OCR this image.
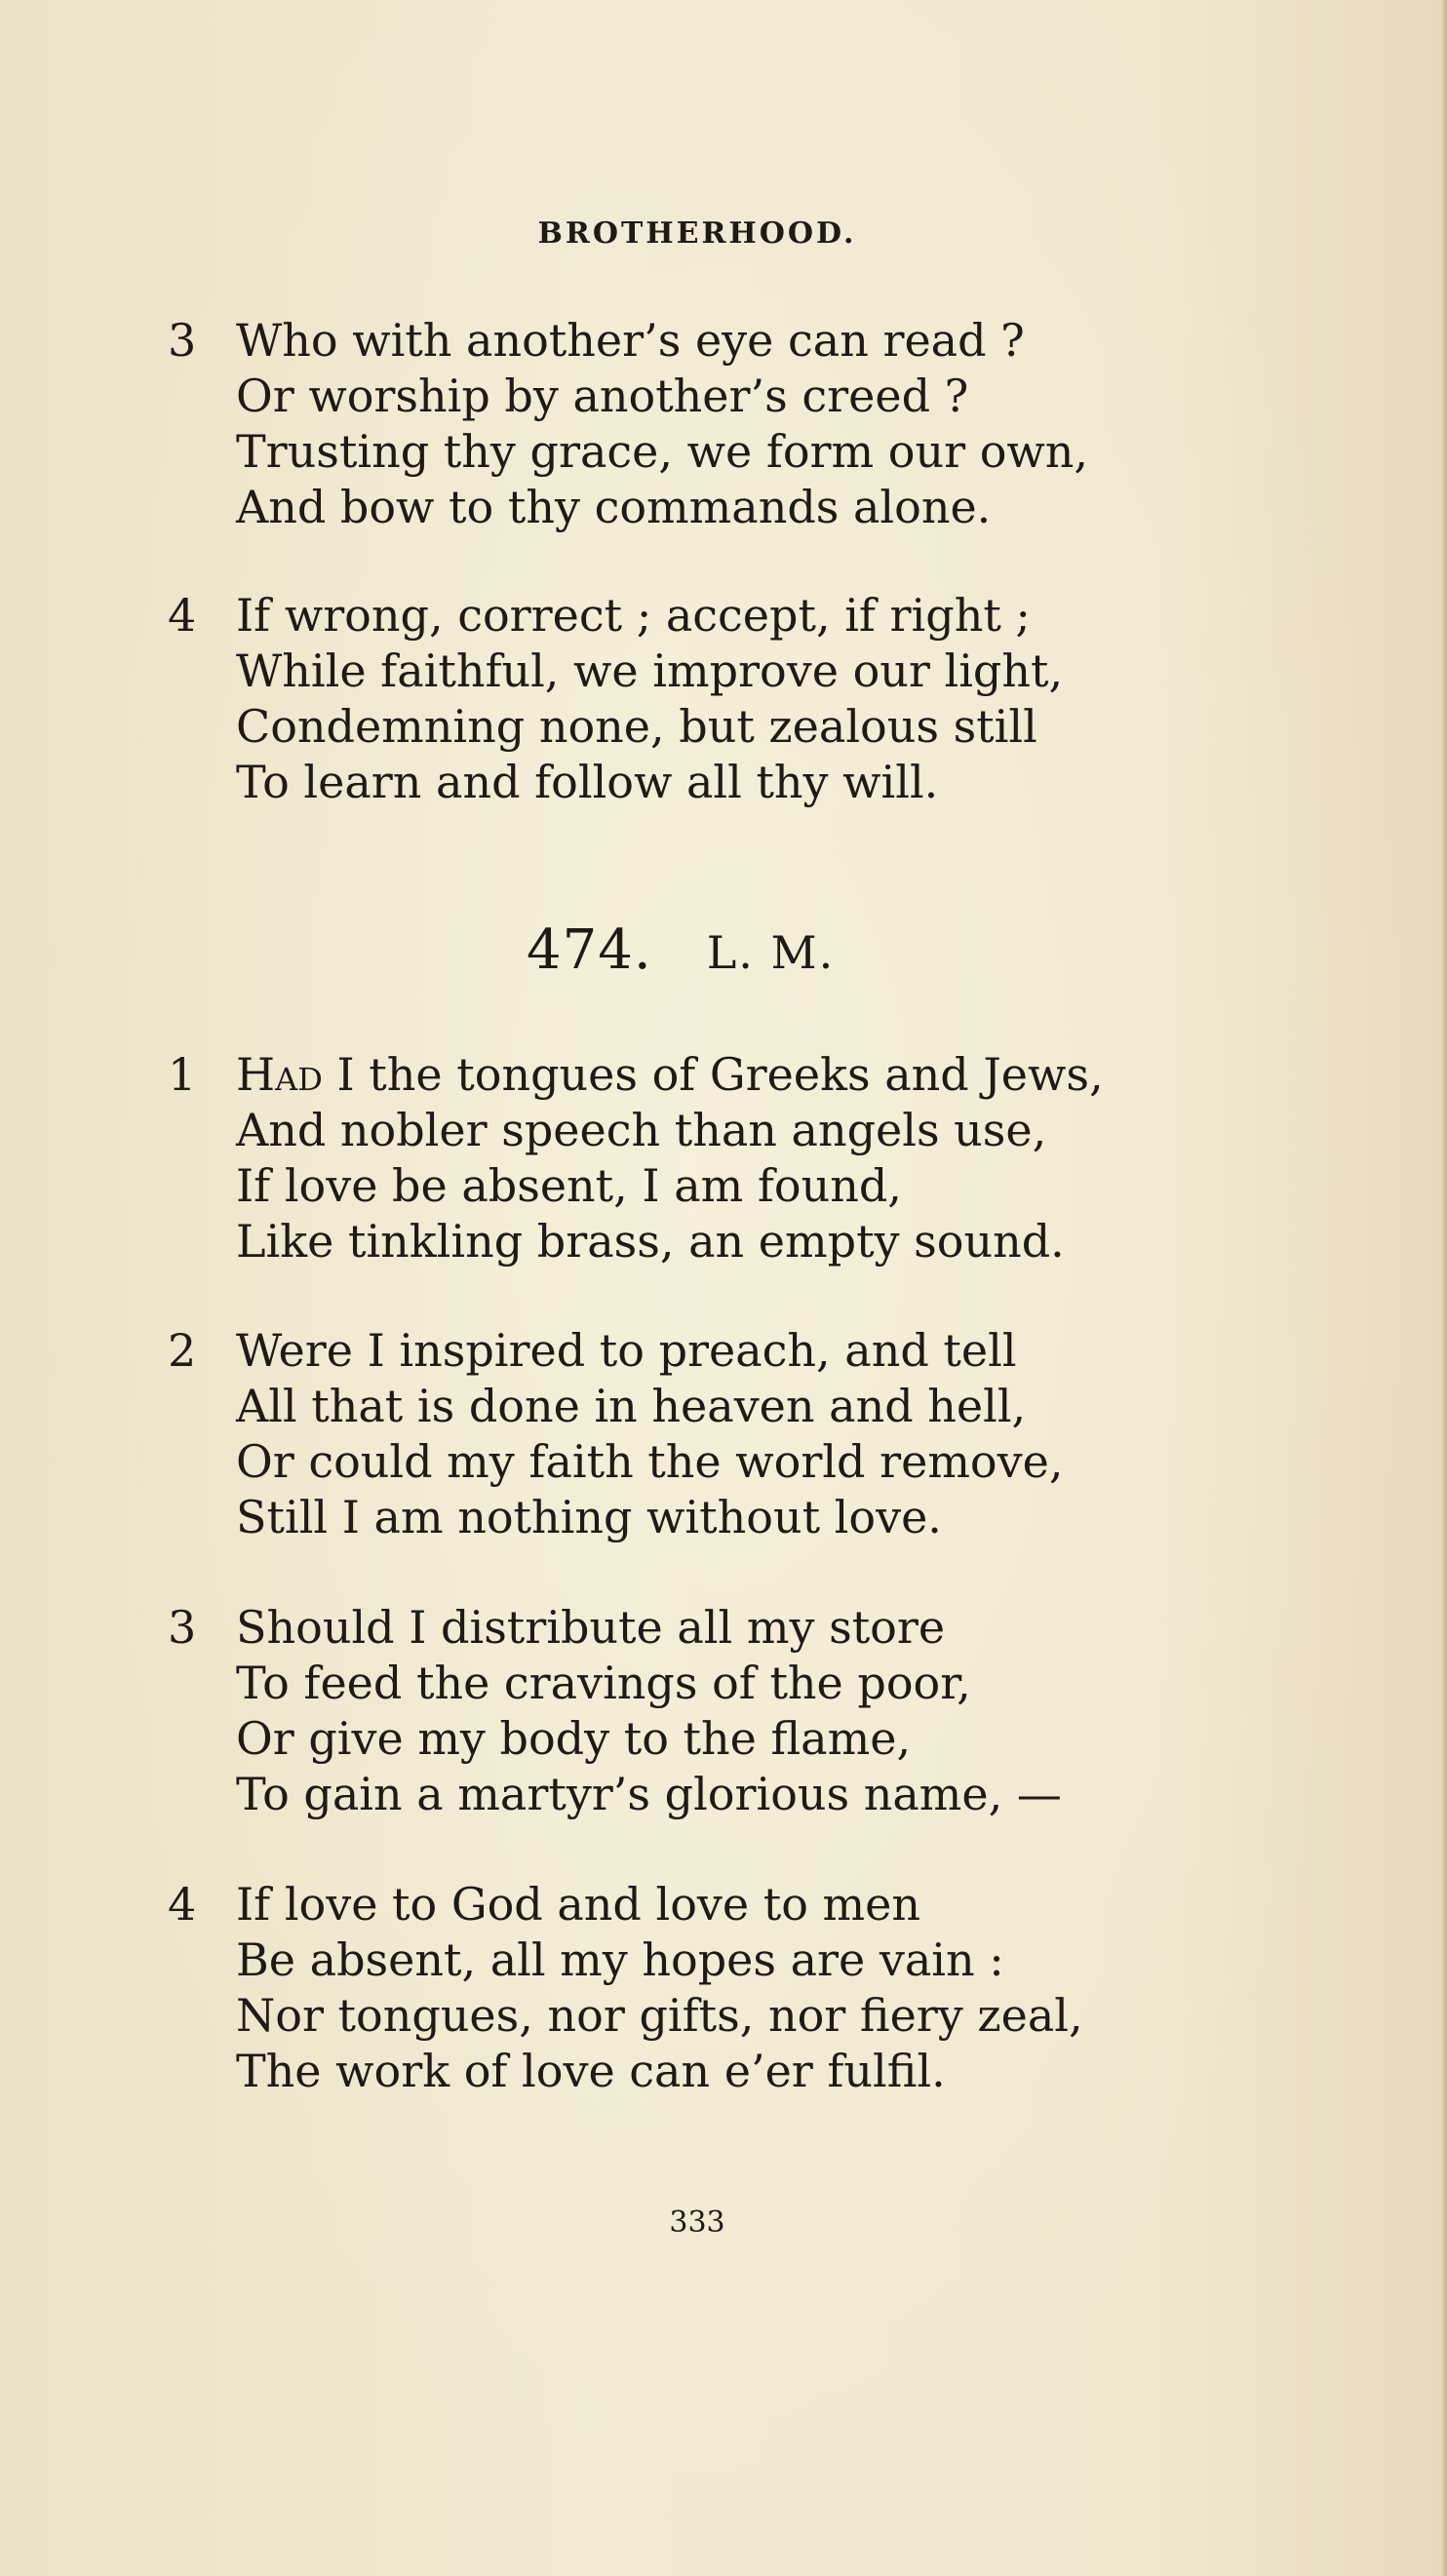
BROTHERHOOD.
3 Who with another’s eye can read ?
Or worship by another’s creed ?
Trusting thy grace, we form our own,
And bow to thy commands alone.
4 If wrong, correct ; accept, if right ;
While faithful, we improve our light,
Condemning none, but zealous still
To learn and follow all thy will.
474. L. M.
1 Had I the tongues of Greeks and Jews,
And nobler speech than angels use,
If love be absent, I am found,
Like tinkling brass, an empty sound.
2 Were I inspired to preach, and tell
All that is done in heaven and hell,
Or could my faith the world remove,
Still I am nothing without love.
3 Should I distribute all my store
To feed the cravings of the poor,
Or give my body to the flame,
To gain a martyr’s glorious name, —
4 If love to God and love to men
Be absent, all my hopes are vain :
Nor tongues, nor gifts, nor fiery zeal,
The work of love can e’er fulfil.
333
